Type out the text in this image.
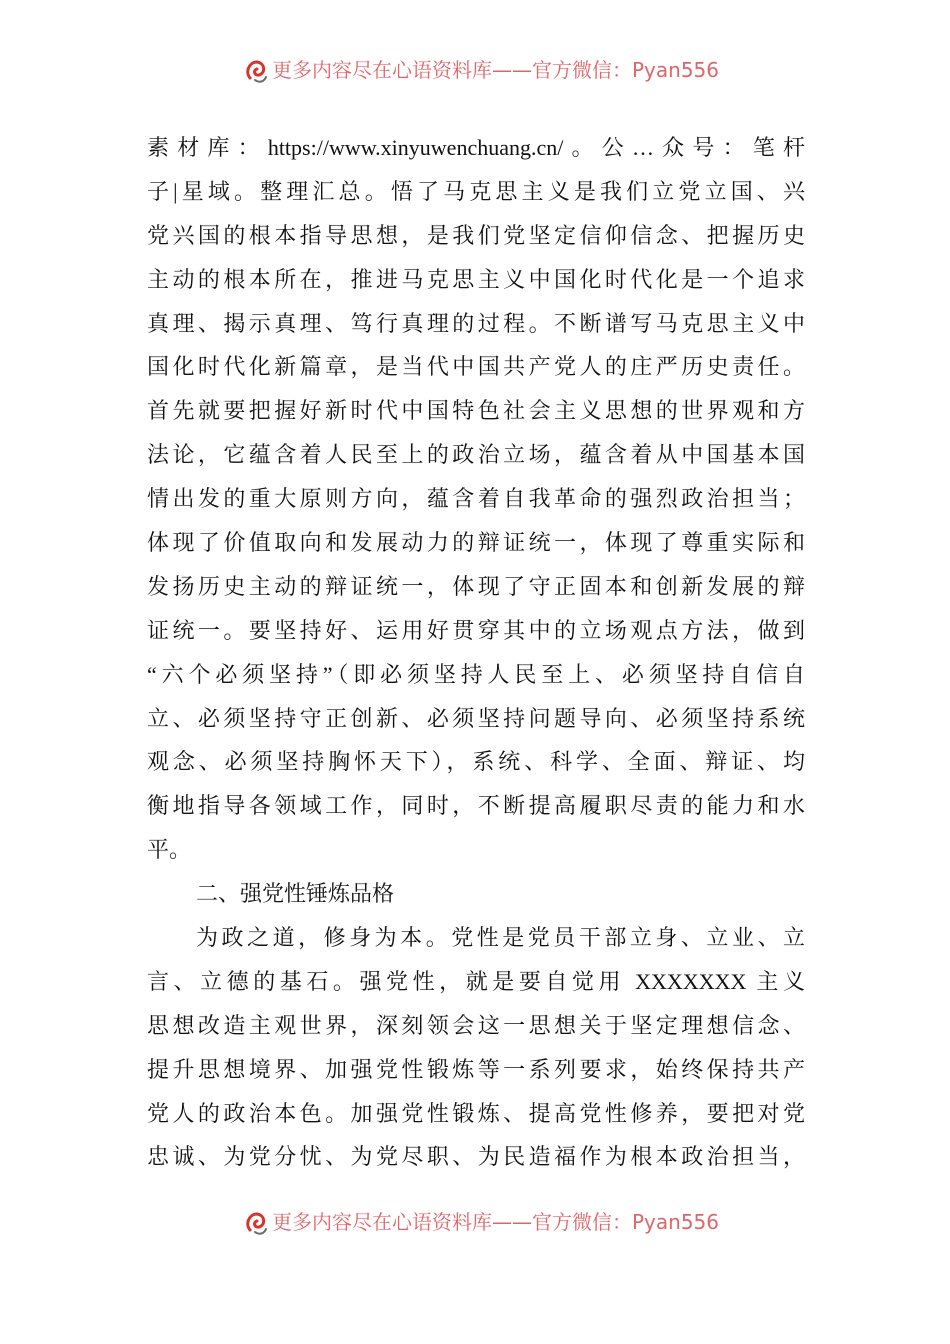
更多内容尽在心语资料库——官方微信：Pyan556
素材库：https://www.xinyuwenchuang.cn/。公…众号：笔杆
子|星域。整理汇总。悟了马克思主义是我们立党立国、兴
党兴国的根本指导思想，是我们党坚定信仰信念、把握历史
主动的根本所在，推进马克思主义中国化时代化是一个追求
真理、揭示真理、笃行真理的过程。不断谱写马克思主义中
国化时代化新篇章，是当代中国共产党人的庄严历史责任。
首先就要把握好新时代中国特色社会主义思想的世界观和方
法论，它蕴含着人民至上的政治立场，蕴含着从中国基本国
情出发的重大原则方向，蕴含着自我革命的强烈政治担当；
体现了价值取向和发展动力的辩证统一，体现了尊重实际和
发扬历史主动的辩证统一，体现了守正固本和创新发展的辩
证统一。要坚持好、运用好贯穿其中的立场观点方法，做到
“六个必须坚持”（即必须坚持人民至上、必须坚持自信自
立、必须坚持守正创新、必须坚持问题导向、必须坚持系统
观念、必须坚持胸怀天下），系统、科学、全面、辩证、均
衡地指导各领域工作，同时，不断提高履职尽责的能力和水
平。
二、强党性锤炼品格
为政之道，修身为本。党性是党员干部立身、立业、立
言、立德的基石。强党性，就是要自觉用 XXXXXXX 主义
思想改造主观世界，深刻领会这一思想关于坚定理想信念、
提升思想境界、加强党性锻炼等一系列要求，始终保持共产
党人的政治本色。加强党性锻炼、提高党性修养，要把对党
忠诚、为党分忧、为党尽职、为民造福作为根本政治担当，
更多内容尽在心语资料库——官方微信：Pyan556
